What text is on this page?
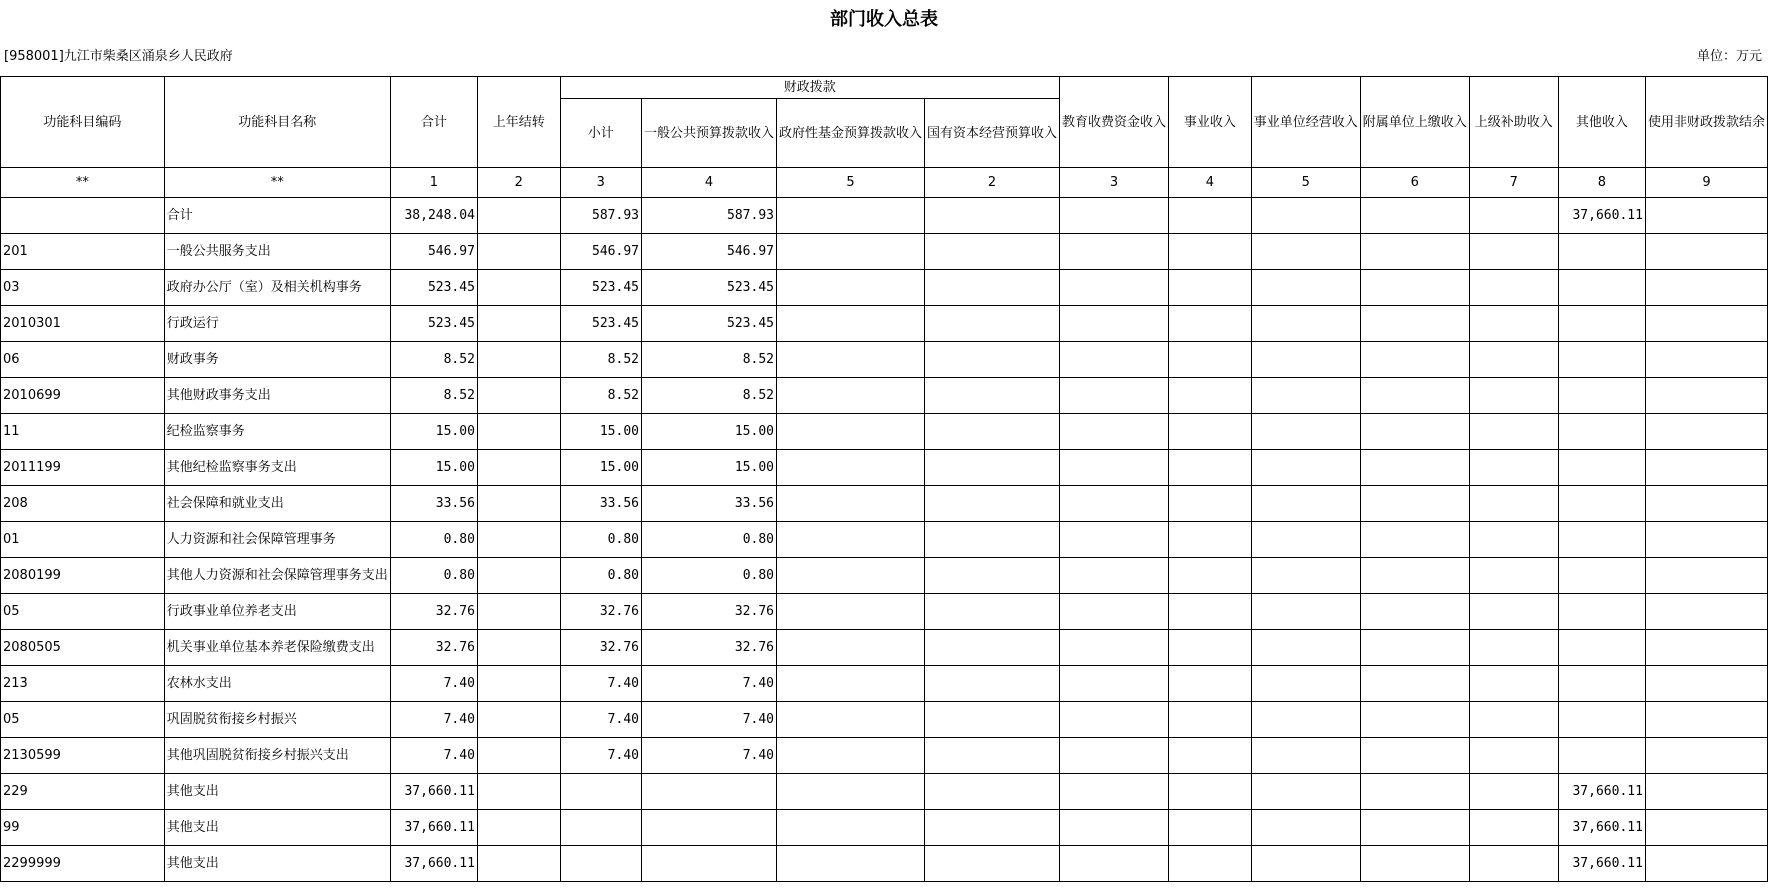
部门收入总表
[958001]九江市柴桑区涌泉乡人民政府	单位：万元
功能科目编码	功能科目名称	合计	上年结转	财政拨款				教育收费资金收入	事业收入	事业单位经营收入	附属单位上缴收入	上级补助收入	其他收入	使用非财政拨款结余
				小计	一般公共预算拨款收入	政府性基金预算拨款收入	国有资本经营预算收入							
**	**	1	2	3	4	5	2	3	4	5	6	7	8	9
	合计	38,248.04		587.93	587.93								37,660.11	
201	一般公共服务支出	546.97		546.97	546.97									
03	政府办公厅（室）及相关机构事务	523.45		523.45	523.45									
2010301	行政运行	523.45		523.45	523.45									
06	财政事务	8.52		8.52	8.52									
2010699	其他财政事务支出	8.52		8.52	8.52									
11	纪检监察事务	15.00		15.00	15.00									
2011199	其他纪检监察事务支出	15.00		15.00	15.00									
208	社会保障和就业支出	33.56		33.56	33.56									
01	人力资源和社会保障管理事务	0.80		0.80	0.80									
2080199	其他人力资源和社会保障管理事务支出	0.80		0.80	0.80									
05	行政事业单位养老支出	32.76		32.76	32.76									
2080505	机关事业单位基本养老保险缴费支出	32.76		32.76	32.76									
213	农林水支出	7.40		7.40	7.40									
05	巩固脱贫衔接乡村振兴	7.40		7.40	7.40									
2130599	其他巩固脱贫衔接乡村振兴支出	7.40		7.40	7.40									
229	其他支出	37,660.11											37,660.11	
99	其他支出	37,660.11											37,660.11	
2299999	其他支出	37,660.11											37,660.11	
